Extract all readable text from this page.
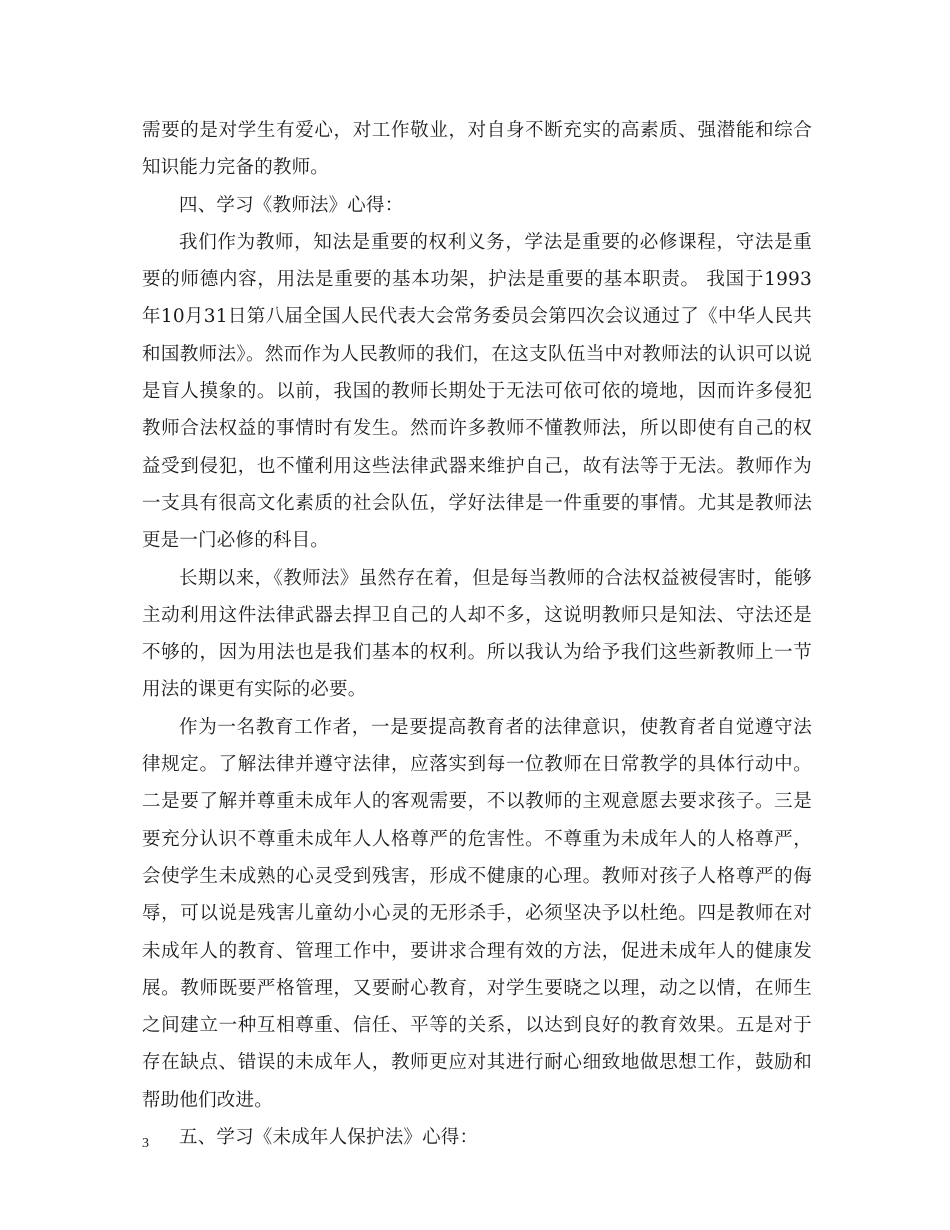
需要的是对学生有爱心，对工作敬业，对自身不断充实的高素质、强潜能和综合知识能力完备的教师。

四、学习《教师法》心得：

我们作为教师，知法是重要的权利义务，学法是重要的必修课程，守法是重要的师德内容，用法是重要的基本功架，护法是重要的基本职责。 我国于1993年10月31日第八届全国人民代表大会常务委员会第四次会议通过了《中华人民共和国教师法》。然而作为人民教师的我们，在这支队伍当中对教师法的认识可以说是盲人摸象的。以前，我国的教师长期处于无法可依可依的境地，因而许多侵犯教师合法权益的事情时有发生。然而许多教师不懂教师法，所以即使有自己的权益受到侵犯，也不懂利用这些法律武器来维护自己，故有法等于无法。教师作为一支具有很高文化素质的社会队伍，学好法律是一件重要的事情。尤其是教师法更是一门必修的科目。

长期以来，《教师法》虽然存在着，但是每当教师的合法权益被侵害时，能够主动利用这件法律武器去捍卫自己的人却不多，这说明教师只是知法、守法还是不够的，因为用法也是我们基本的权利。所以我认为给予我们这些新教师上一节用法的课更有实际的必要。

作为一名教育工作者，一是要提高教育者的法律意识，使教育者自觉遵守法律规定。了解法律并遵守法律，应落实到每一位教师在日常教学的具体行动中。二是要了解并尊重未成年人的客观需要，不以教师的主观意愿去要求孩子。三是要充分认识不尊重未成年人人格尊严的危害性。不尊重为未成年人的人格尊严，会使学生未成熟的心灵受到残害，形成不健康的心理。教师对孩子人格尊严的侮辱，可以说是残害儿童幼小心灵的无形杀手，必须坚决予以杜绝。四是教师在对未成年人的教育、管理工作中，要讲求合理有效的方法，促进未成年人的健康发展。教师既要严格管理，又要耐心教育，对学生要晓之以理，动之以情，在师生之间建立一种互相尊重、信任、平等的关系，以达到良好的教育效果。五是对于存在缺点、错误的未成年人，教师更应对其进行耐心细致地做思想工作，鼓励和帮助他们改进。

五、学习《未成年人保护法》心得：

3
